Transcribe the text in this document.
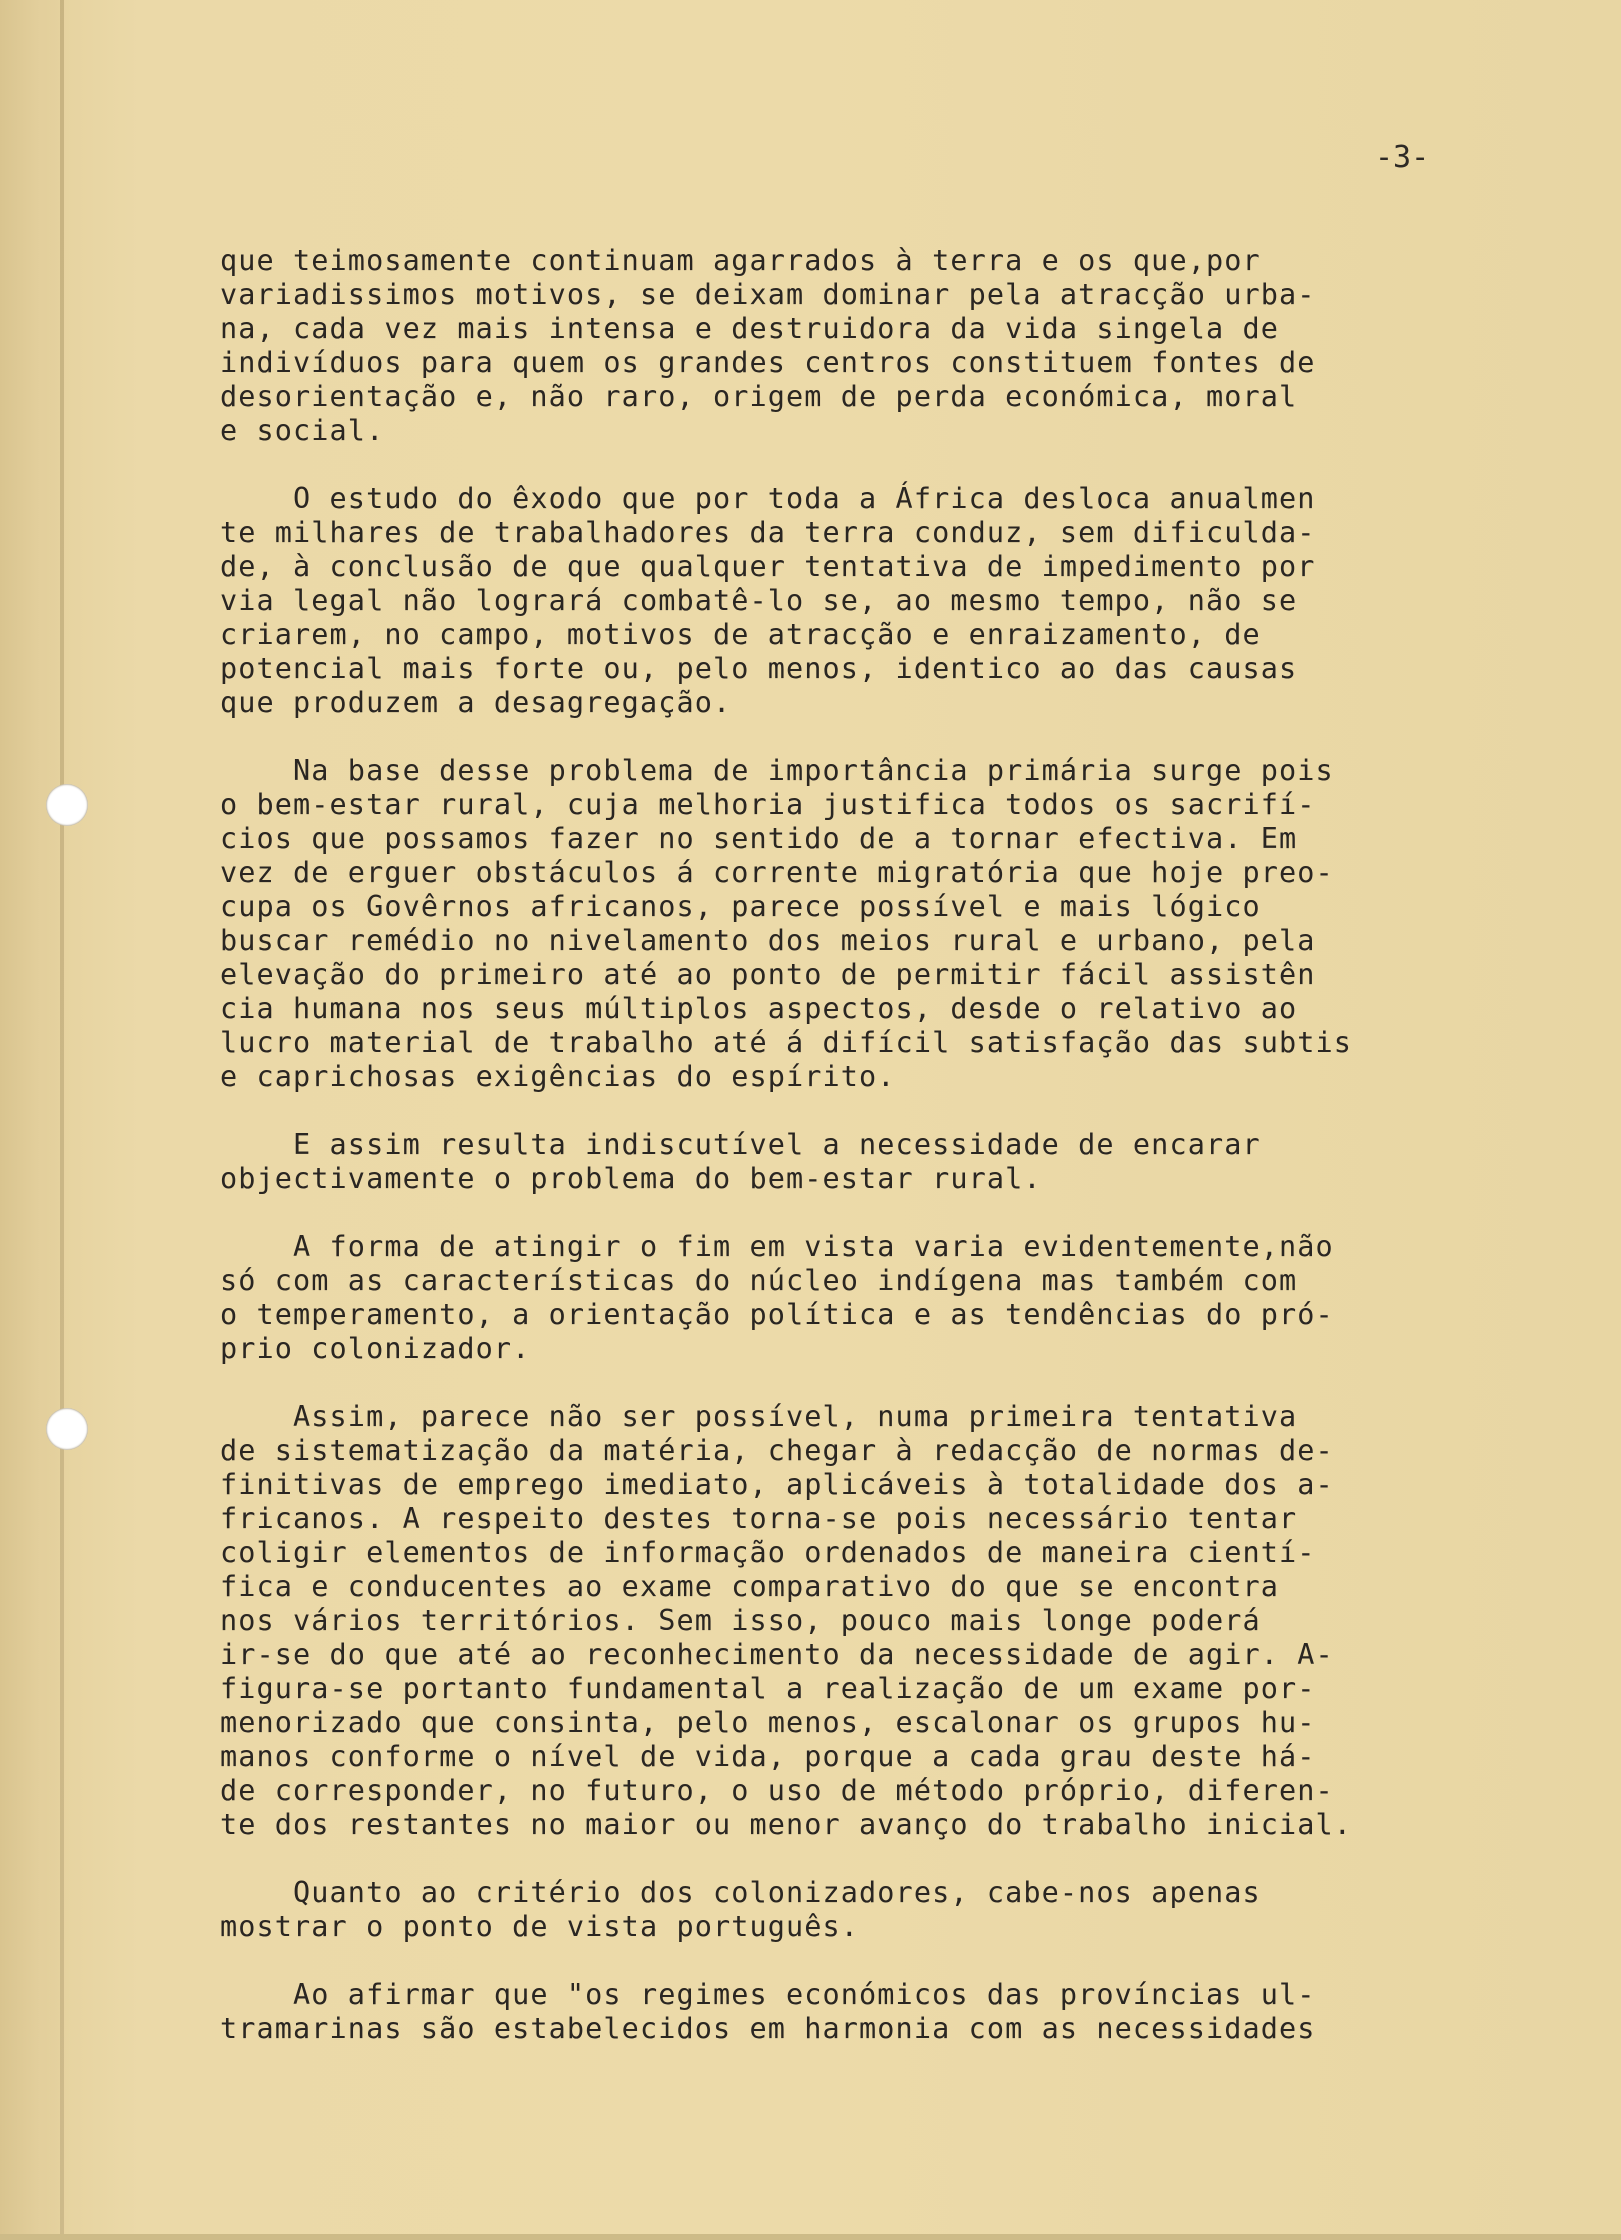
-3-
que teimosamente continuam agarrados à terra e os que,por
variadissimos motivos, se deixam dominar pela atracção urba-
na, cada vez mais intensa e destruidora da vida singela de
indivíduos para quem os grandes centros constituem fontes de
desorientação e, não raro, origem de perda económica, moral
e social.
O estudo do êxodo que por toda a África desloca anualmen
te milhares de trabalhadores da terra conduz, sem dificulda-
de, à conclusão de que qualquer tentativa de impedimento por
via legal não logrará combatê-lo se, ao mesmo tempo, não se
criarem, no campo, motivos de atracção e enraizamento, de
potencial mais forte ou, pelo menos, identico ao das causas
que produzem a desagregação.
Na base desse problema de importância primária surge pois
o bem-estar rural, cuja melhoria justifica todos os sacrifí-
cios que possamos fazer no sentido de a tornar efectiva. Em
vez de erguer obstáculos á corrente migratória que hoje preo-
cupa os Govêrnos africanos, parece possível e mais lógico
buscar remédio no nivelamento dos meios rural e urbano, pela
elevação do primeiro até ao ponto de permitir fácil assistên
cia humana nos seus múltiplos aspectos, desde o relativo ao
lucro material de trabalho até á difícil satisfação das subtis
e caprichosas exigências do espírito.
E assim resulta indiscutível a necessidade de encarar
objectivamente o problema do bem-estar rural.
A forma de atingir o fim em vista varia evidentemente,não
só com as características do núcleo indígena mas também com
o temperamento, a orientação política e as tendências do pró-
prio colonizador.
Assim, parece não ser possível, numa primeira tentativa
de sistematização da matéria, chegar à redacção de normas de-
finitivas de emprego imediato, aplicáveis à totalidade dos a-
fricanos. A respeito destes torna-se pois necessário tentar
coligir elementos de informação ordenados de maneira cientí-
fica e conducentes ao exame comparativo do que se encontra
nos vários territórios. Sem isso, pouco mais longe poderá
ir-se do que até ao reconhecimento da necessidade de agir. A-
figura-se portanto fundamental a realização de um exame por-
menorizado que consinta, pelo menos, escalonar os grupos hu-
manos conforme o nível de vida, porque a cada grau deste há-
de corresponder, no futuro, o uso de método próprio, diferen-
te dos restantes no maior ou menor avanço do trabalho inicial.
Quanto ao critério dos colonizadores, cabe-nos apenas
mostrar o ponto de vista português.
Ao afirmar que "os regimes económicos das províncias ul-
tramarinas são estabelecidos em harmonia com as necessidades
